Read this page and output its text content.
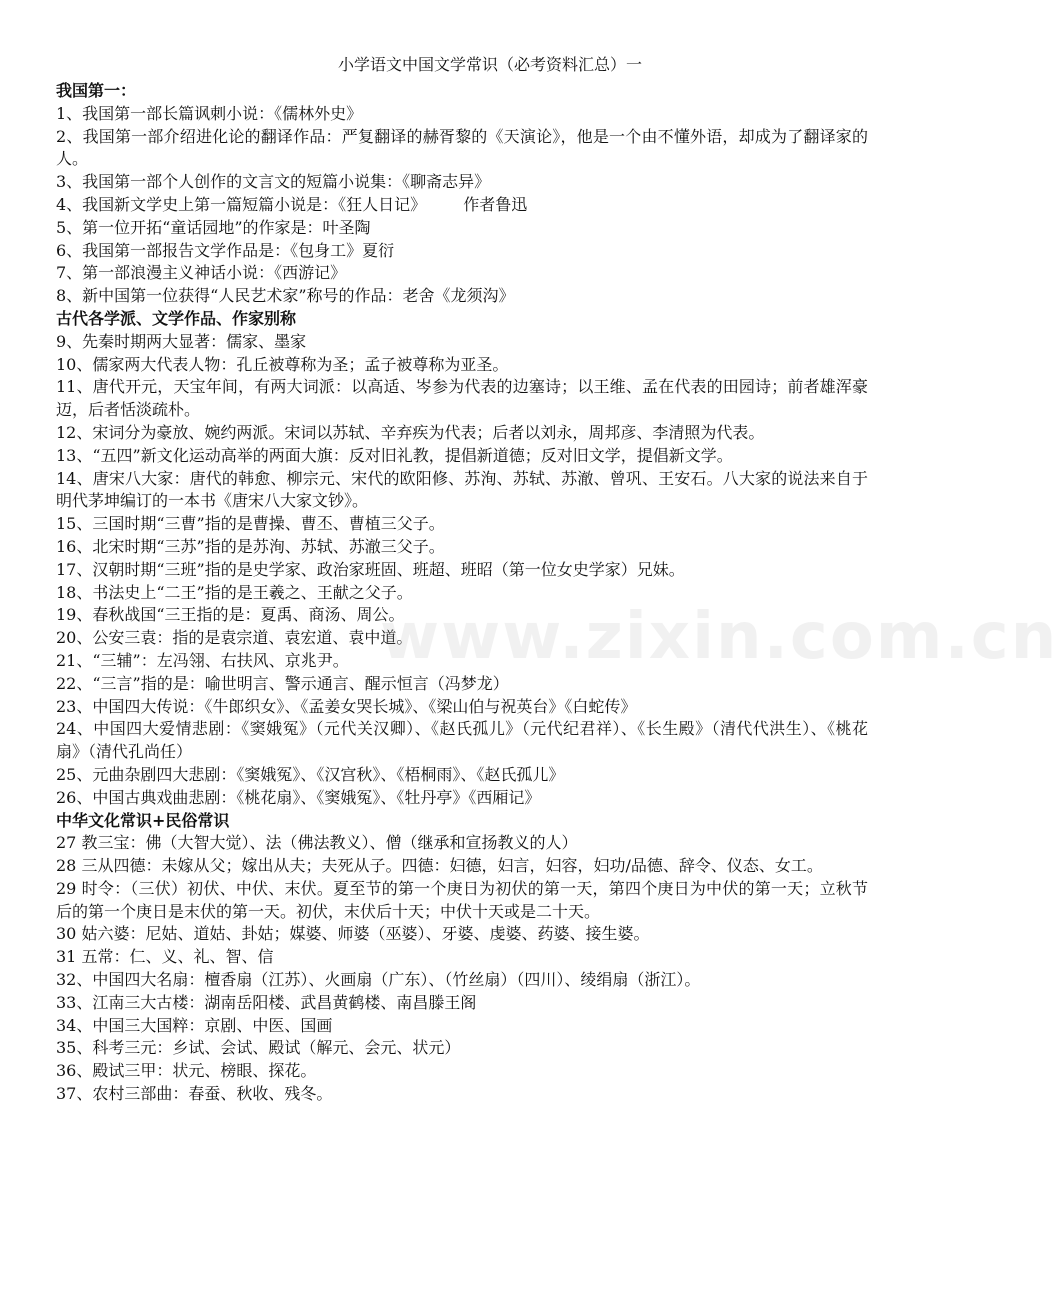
小学语文中国文学常识（必考资料汇总）一
我国第一：
1、我国第一部长篇讽刺小说：《儒林外史》
2、我国第一部介绍进化论的翻译作品：严复翻译的赫胥黎的《天演论》，他是一个由不懂外语，却成为了翻译家的人。
3、我国第一部个人创作的文言文的短篇小说集：《聊斋志异》
4、我国新文学史上第一篇短篇小说是：《狂人日记》 　　作者鲁迅
5、第一位开拓“童话园地”的作家是：叶圣陶
6、我国第一部报告文学作品是：《包身工》夏衍
7、第一部浪漫主义神话小说：《西游记》
8、新中国第一位获得“人民艺术家”称号的作品：老舍《龙须沟》
古代各学派、文学作品、作家别称
9、先秦时期两大显著：儒家、墨家
10、儒家两大代表人物：孔丘被尊称为圣；孟子被尊称为亚圣。
11、唐代开元，天宝年间，有两大词派：以高适、岑参为代表的边塞诗；以王维、孟在代表的田园诗；前者雄浑豪迈，后者恬淡疏朴。
12、宋词分为豪放、婉约两派。宋词以苏轼、辛弃疾为代表；后者以刘永，周邦彦、李清照为代表。
13、“五四”新文化运动高举的两面大旗：反对旧礼教，提倡新道德；反对旧文学，提倡新文学。
14、唐宋八大家：唐代的韩愈、柳宗元、宋代的欧阳修、苏洵、苏轼、苏澈、曾巩、王安石。八大家的说法来自于明代茅坤编订的一本书《唐宋八大家文钞》。
15、三国时期“三曹”指的是曹操、曹丕、曹植三父子。
16、北宋时期“三苏”指的是苏洵、苏轼、苏澈三父子。
17、汉朝时期“三班”指的是史学家、政治家班固、班超、班昭（第一位女史学家）兄妹。
18、书法史上“二王”指的是王羲之、王献之父子。
19、春秋战国“三王指的是：夏禹、商汤、周公。
20、公安三袁：指的是袁宗道、袁宏道、袁中道。
21、“三辅”：左冯翎、右扶风、京兆尹。
22、“三言”指的是：喻世明言、警示通言、醒示恒言（冯梦龙）
23、中国四大传说：《牛郎织女》、《孟姜女哭长城》、《梁山伯与祝英台》《白蛇传》
24、中国四大爱情悲剧：《窦娥冤》（元代关汉卿）、《赵氏孤儿》（元代纪君祥）、《长生殿》（清代代洪生）、《桃花扇》（清代孔尚任）
25、元曲杂剧四大悲剧：《窦娥冤》、《汉宫秋》、《梧桐雨》、《赵氏孤儿》
26、中国古典戏曲悲剧：《桃花扇》、《窦娥冤》、《牡丹亭》《西厢记》
中华文化常识+民俗常识
27 教三宝：佛（大智大觉）、法（佛法教义）、僧（继承和宣扬教义的人）
28 三从四德：未嫁从父；嫁出从夫；夫死从子。四德：妇德，妇言，妇容，妇功/品德、辞令、仪态、女工。
29 时令：（三伏）初伏、中伏、末伏。夏至节的第一个庚日为初伏的第一天，第四个庚日为中伏的第一天；立秋节后的第一个庚日是末伏的第一天。初伏，末伏后十天；中伏十天或是二十天。
30 姑六婆：尼姑、道姑、卦姑；媒婆、师婆（巫婆）、牙婆、虔婆、药婆、接生婆。
31 五常：仁、义、礼、智、信
32、中国四大名扇：檀香扇（江苏）、火画扇（广东）、（竹丝扇）（四川）、绫绢扇（浙江）。
33、江南三大古楼：湖南岳阳楼、武昌黄鹤楼、南昌滕王阁
34、中国三大国粹：京剧、中医、国画
35、科考三元：乡试、会试、殿试（解元、会元、状元）
36、殿试三甲：状元、榜眼、探花。
37、农村三部曲：春蚕、秋收、残冬。
www.zixin.com.cn
